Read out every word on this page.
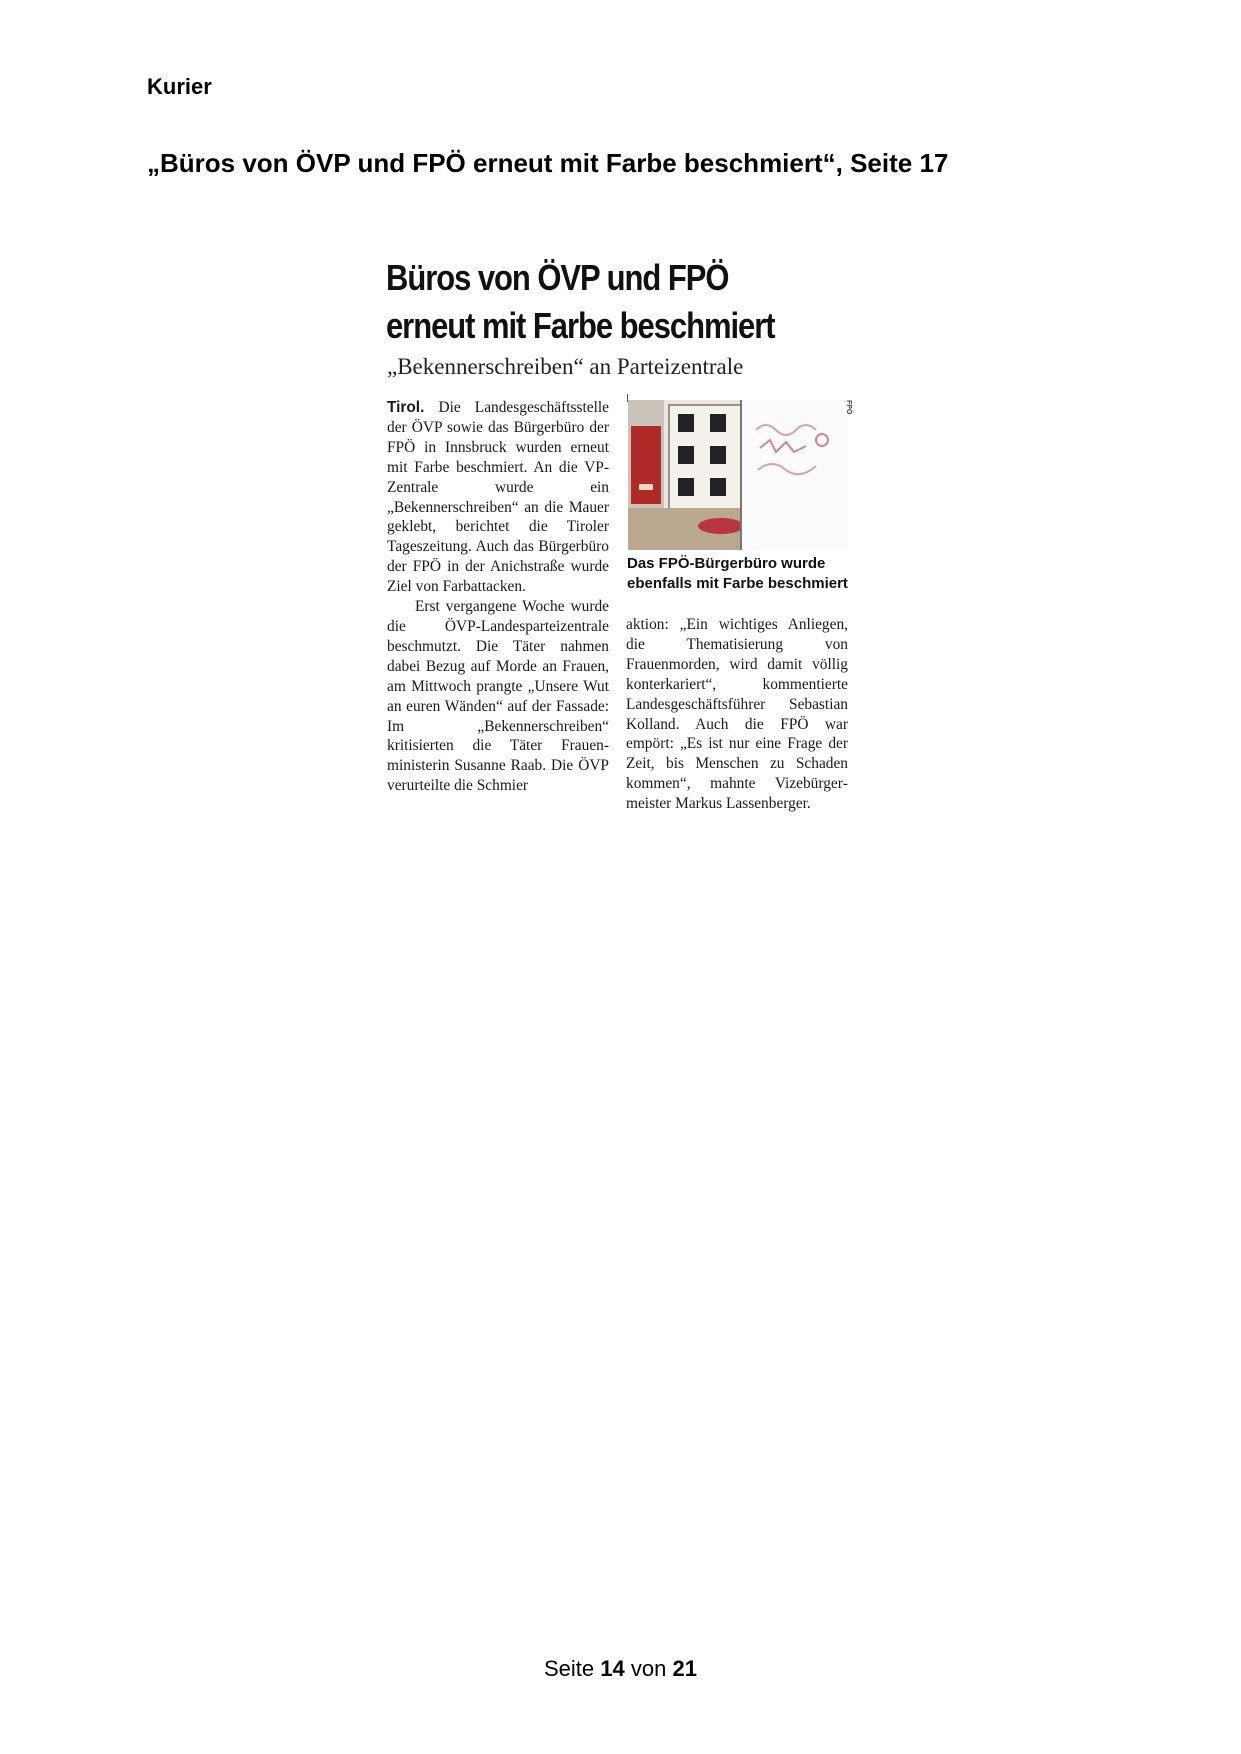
Kurier
„Büros von ÖVP und FPÖ erneut mit Farbe beschmiert“, Seite 17
Büros von ÖVP und FPÖ
erneut mit Farbe beschmiert
„Bekennerschreiben“ an Parteizentrale

Tirol. Die Landesgeschäftsstelle der ÖVP sowie das Bürgerbüro der FPÖ in Innsbruck wurden erneut mit Farbe beschmiert. An die VP-Zentrale wurde ein „Bekennerschreiben“ an die Mauer geklebt, berichtet die Tiroler Tageszeitung. Auch das Bürgerbüro der FPÖ in der Anichstraße wurde Ziel von Farbattacken.

Erst vergangene Woche wurde die ÖVP-Landesparteizentrale beschmutzt. Die Täter nahmen dabei Bezug auf Morde an Frauen, am Mittwoch prangte „Unsere Wut an euren Wänden“ auf der Fassade: Im „Bekennerschreiben“ kritisierten die Täter Frauenministerin Susanne Raab. Die ÖVP verurteilte die Schmier

FPÖ
Das FPÖ-Bürgerbüro wurde ebenfalls mit Farbe beschmiert

aktion: „Ein wichtiges Anliegen, die Thematisierung von Frauenmorden, wird damit völlig konterkariert“, kommentierte Landesgeschäftsführer Sebastian Kolland. Auch die FPÖ war empört: „Es ist nur eine Frage der Zeit, bis Menschen zu Schaden kommen“, mahnte Vizebürgermeister Markus Lassenberger.

Seite 14 von 21
